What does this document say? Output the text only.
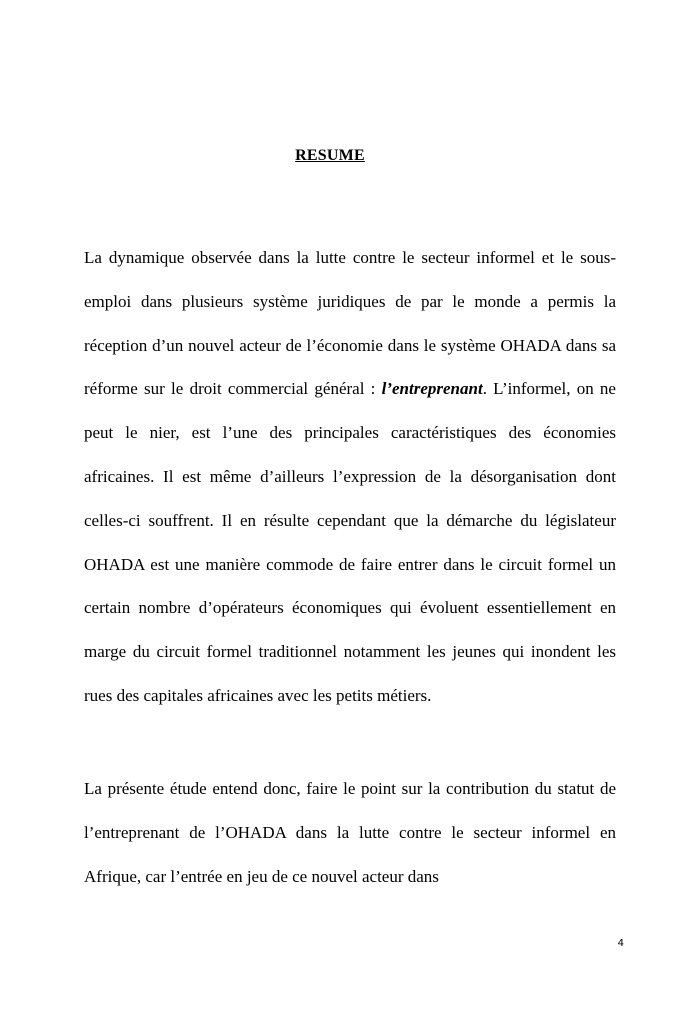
RESUME

La dynamique observée dans la lutte contre le secteur informel et le sous-emploi dans plusieurs système juridiques de par le monde a permis la réception d’un nouvel acteur de l’économie dans le système OHADA dans sa réforme sur le droit commercial général : l’entreprenant. L’informel, on ne peut le nier, est l’une des principales caractéristiques des économies africaines. Il est même d’ailleurs l’expression de la désorganisation dont celles-ci souffrent. Il en résulte cependant que la démarche du législateur OHADA est une manière commode de faire entrer dans le circuit formel un certain nombre d’opérateurs économiques qui évoluent essentiellement en marge du circuit formel traditionnel notamment les jeunes qui inondent les rues des capitales africaines avec les petits métiers.

La présente étude entend donc, faire le point sur la contribution du statut de l’entreprenant de l’OHADA dans la lutte contre le secteur informel en Afrique, car l’entrée en jeu de ce nouvel acteur dans

4
